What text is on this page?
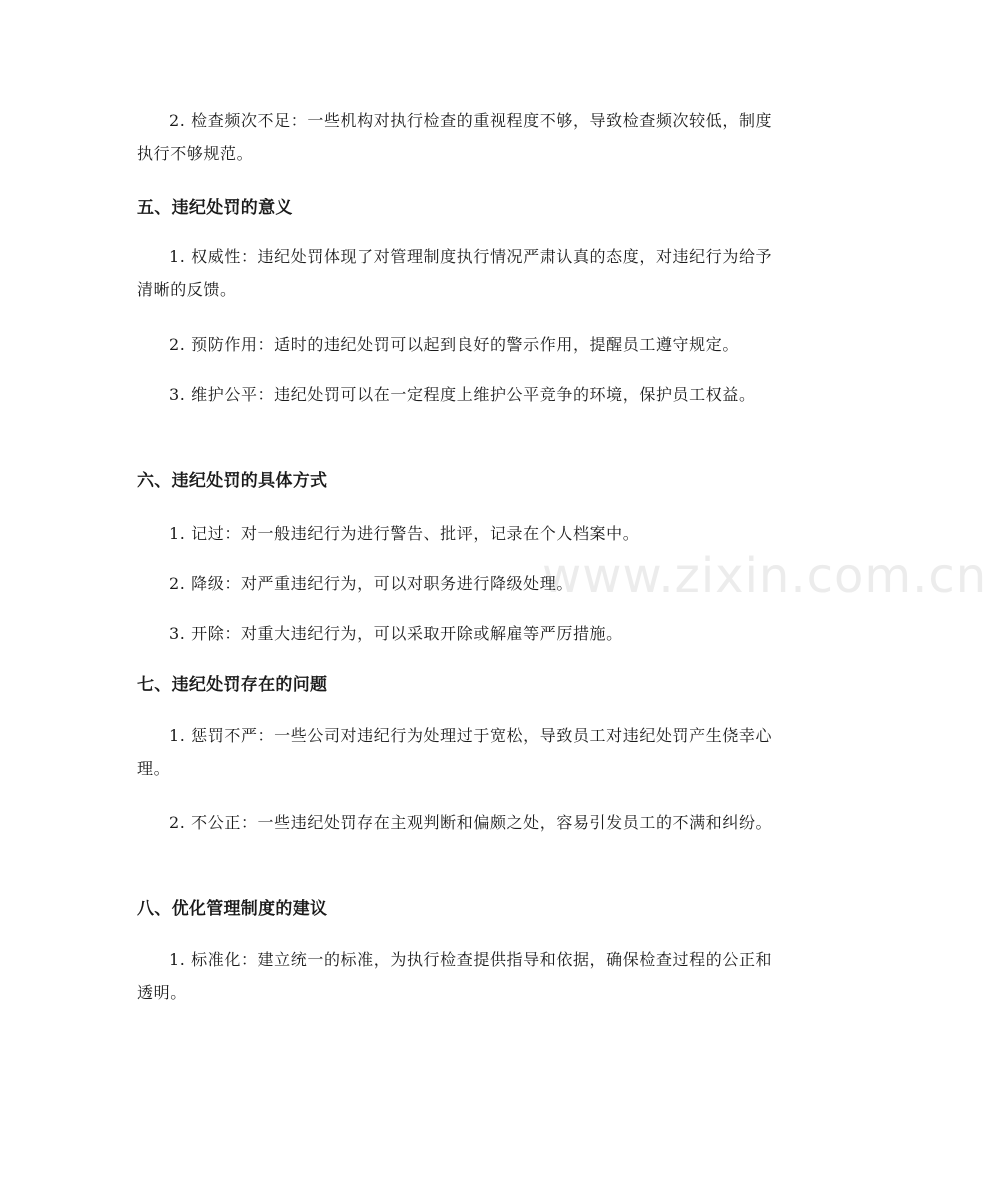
www.zixin.com.cn

2. 检查频次不足：一些机构对执行检查的重视程度不够，导致检查频次较低，制度执行不够规范。

五、违纪处罚的意义

1. 权威性：违纪处罚体现了对管理制度执行情况严肃认真的态度，对违纪行为给予清晰的反馈。

2. 预防作用：适时的违纪处罚可以起到良好的警示作用，提醒员工遵守规定。

3. 维护公平：违纪处罚可以在一定程度上维护公平竞争的环境，保护员工权益。

六、违纪处罚的具体方式

1. 记过：对一般违纪行为进行警告、批评，记录在个人档案中。

2. 降级：对严重违纪行为，可以对职务进行降级处理。

3. 开除：对重大违纪行为，可以采取开除或解雇等严厉措施。

七、违纪处罚存在的问题

1. 惩罚不严：一些公司对违纪行为处理过于宽松，导致员工对违纪处罚产生侥幸心理。

2. 不公正：一些违纪处罚存在主观判断和偏颇之处，容易引发员工的不满和纠纷。

八、优化管理制度的建议

1. 标准化：建立统一的标准，为执行检查提供指导和依据，确保检查过程的公正和透明。
